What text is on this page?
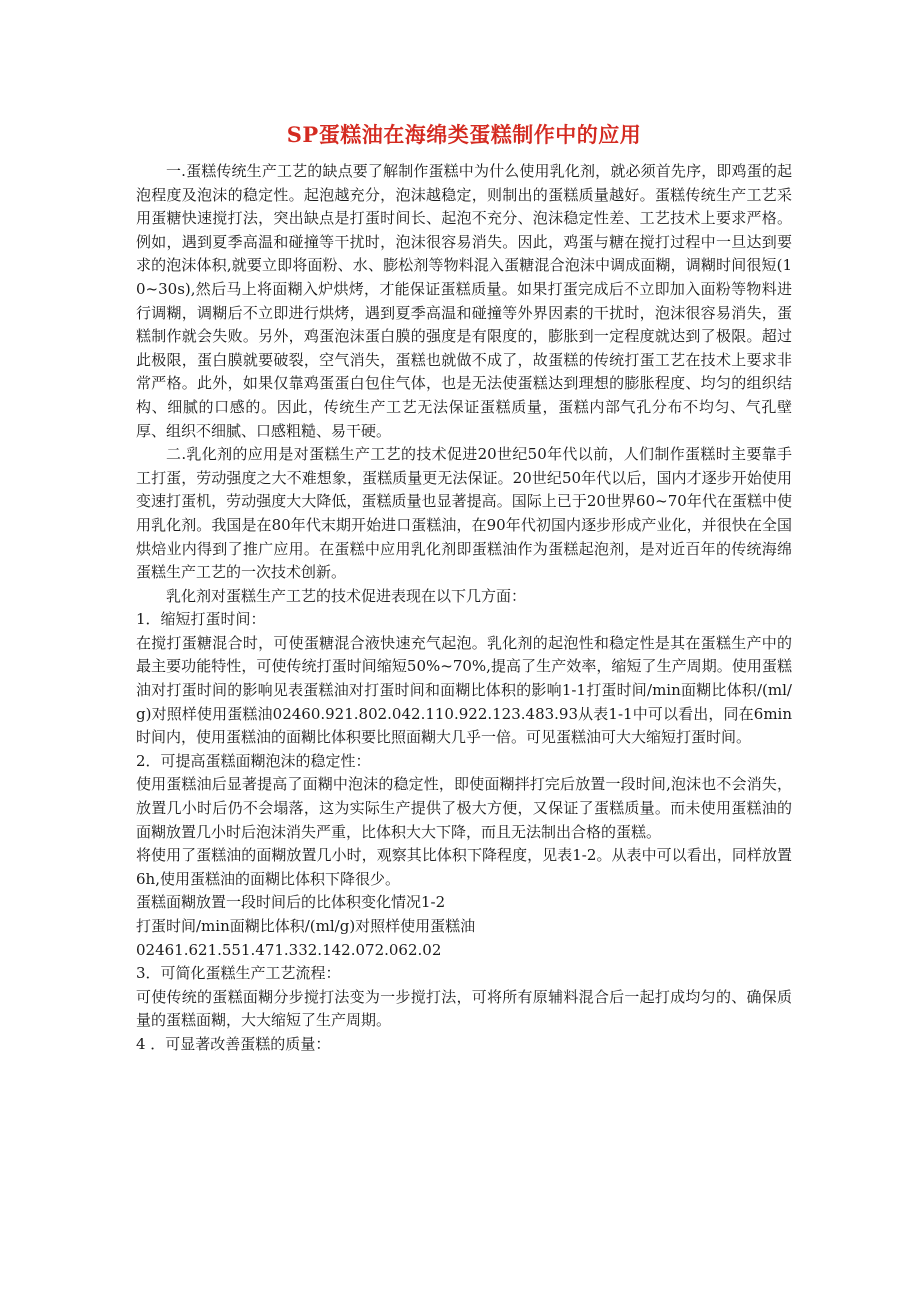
SP蛋糕油在海绵类蛋糕制作中的应用

一.蛋糕传统生产工艺的缺点要了解制作蛋糕中为什么使用乳化剂，就必须首先序，即鸡蛋的起泡程度及泡沫的稳定性。起泡越充分，泡沫越稳定，则制出的蛋糕质量越好。蛋糕传统生产工艺采用蛋糖快速搅打法，突出缺点是打蛋时间长、起泡不充分、泡沫稳定性差、工艺技术上要求严格。例如，遇到夏季高温和碰撞等干扰时，泡沫很容易消失。因此，鸡蛋与糖在搅打过程中一旦达到要求的泡沫体积,就要立即将面粉、水、膨松剂等物料混入蛋糖混合泡沫中调成面糊，调糊时间很短(10~30s),然后马上将面糊入炉烘烤，才能保证蛋糕质量。如果打蛋完成后不立即加入面粉等物料进行调糊，调糊后不立即进行烘烤，遇到夏季高温和碰撞等外界因素的干扰时，泡沫很容易消失，蛋糕制作就会失败。另外，鸡蛋泡沫蛋白膜的强度是有限度的，膨胀到一定程度就达到了极限。超过此极限，蛋白膜就要破裂，空气消失，蛋糕也就做不成了，故蛋糕的传统打蛋工艺在技术上要求非常严格。此外，如果仅靠鸡蛋蛋白包住气体，也是无法使蛋糕达到理想的膨胀程度、均匀的组织结构、细腻的口感的。因此，传统生产工艺无法保证蛋糕质量，蛋糕内部气孔分布不均匀、气孔壁厚、组织不细腻、口感粗糙、易干硬。

二.乳化剂的应用是对蛋糕生产工艺的技术促进20世纪50年代以前，人们制作蛋糕时主要靠手工打蛋，劳动强度之大不难想象，蛋糕质量更无法保证。20世纪50年代以后，国内才逐步开始使用变速打蛋机，劳动强度大大降低，蛋糕质量也显著提高。国际上已于20世界60~70年代在蛋糕中使用乳化剂。我国是在80年代末期开始进口蛋糕油，在90年代初国内逐步形成产业化，并很快在全国烘焙业内得到了推广应用。在蛋糕中应用乳化剂即蛋糕油作为蛋糕起泡剂，是对近百年的传统海绵蛋糕生产工艺的一次技术创新。

乳化剂对蛋糕生产工艺的技术促进表现在以下几方面：

1．缩短打蛋时间：

在搅打蛋糖混合时，可使蛋糖混合液快速充气起泡。乳化剂的起泡性和稳定性是其在蛋糕生产中的最主要功能特性，可使传统打蛋时间缩短50%~70%,提高了生产效率，缩短了生产周期。使用蛋糕油对打蛋时间的影响见表蛋糕油对打蛋时间和面糊比体积的影响1-1打蛋时间/min面糊比体积/(ml/g)对照样使用蛋糕油02460.921.802.042.110.922.123.483.93从表1-1中可以看出，同在6min时间内，使用蛋糕油的面糊比体积要比照面糊大几乎一倍。可见蛋糕油可大大缩短打蛋时间。

2．可提高蛋糕面糊泡沫的稳定性：

使用蛋糕油后显著提高了面糊中泡沫的稳定性，即使面糊拌打完后放置一段时间,泡沫也不会消失，放置几小时后仍不会塌落，这为实际生产提供了极大方便，又保证了蛋糕质量。而未使用蛋糕油的面糊放置几小时后泡沫消失严重，比体积大大下降，而且无法制出合格的蛋糕。

将使用了蛋糕油的面糊放置几小时，观察其比体积下降程度，见表1-2。从表中可以看出，同样放置6h,使用蛋糕油的面糊比体积下降很少。

蛋糕面糊放置一段时间后的比体积变化情况1-2

打蛋时间/min面糊比体积/(ml/g)对照样使用蛋糕油

02461.621.551.471.332.142.072.062.02

3．可简化蛋糕生产工艺流程：

可使传统的蛋糕面糊分步搅打法变为一步搅打法，可将所有原辅料混合后一起打成均匀的、确保质量的蛋糕面糊，大大缩短了生产周期。

4 ．可显著改善蛋糕的质量：
